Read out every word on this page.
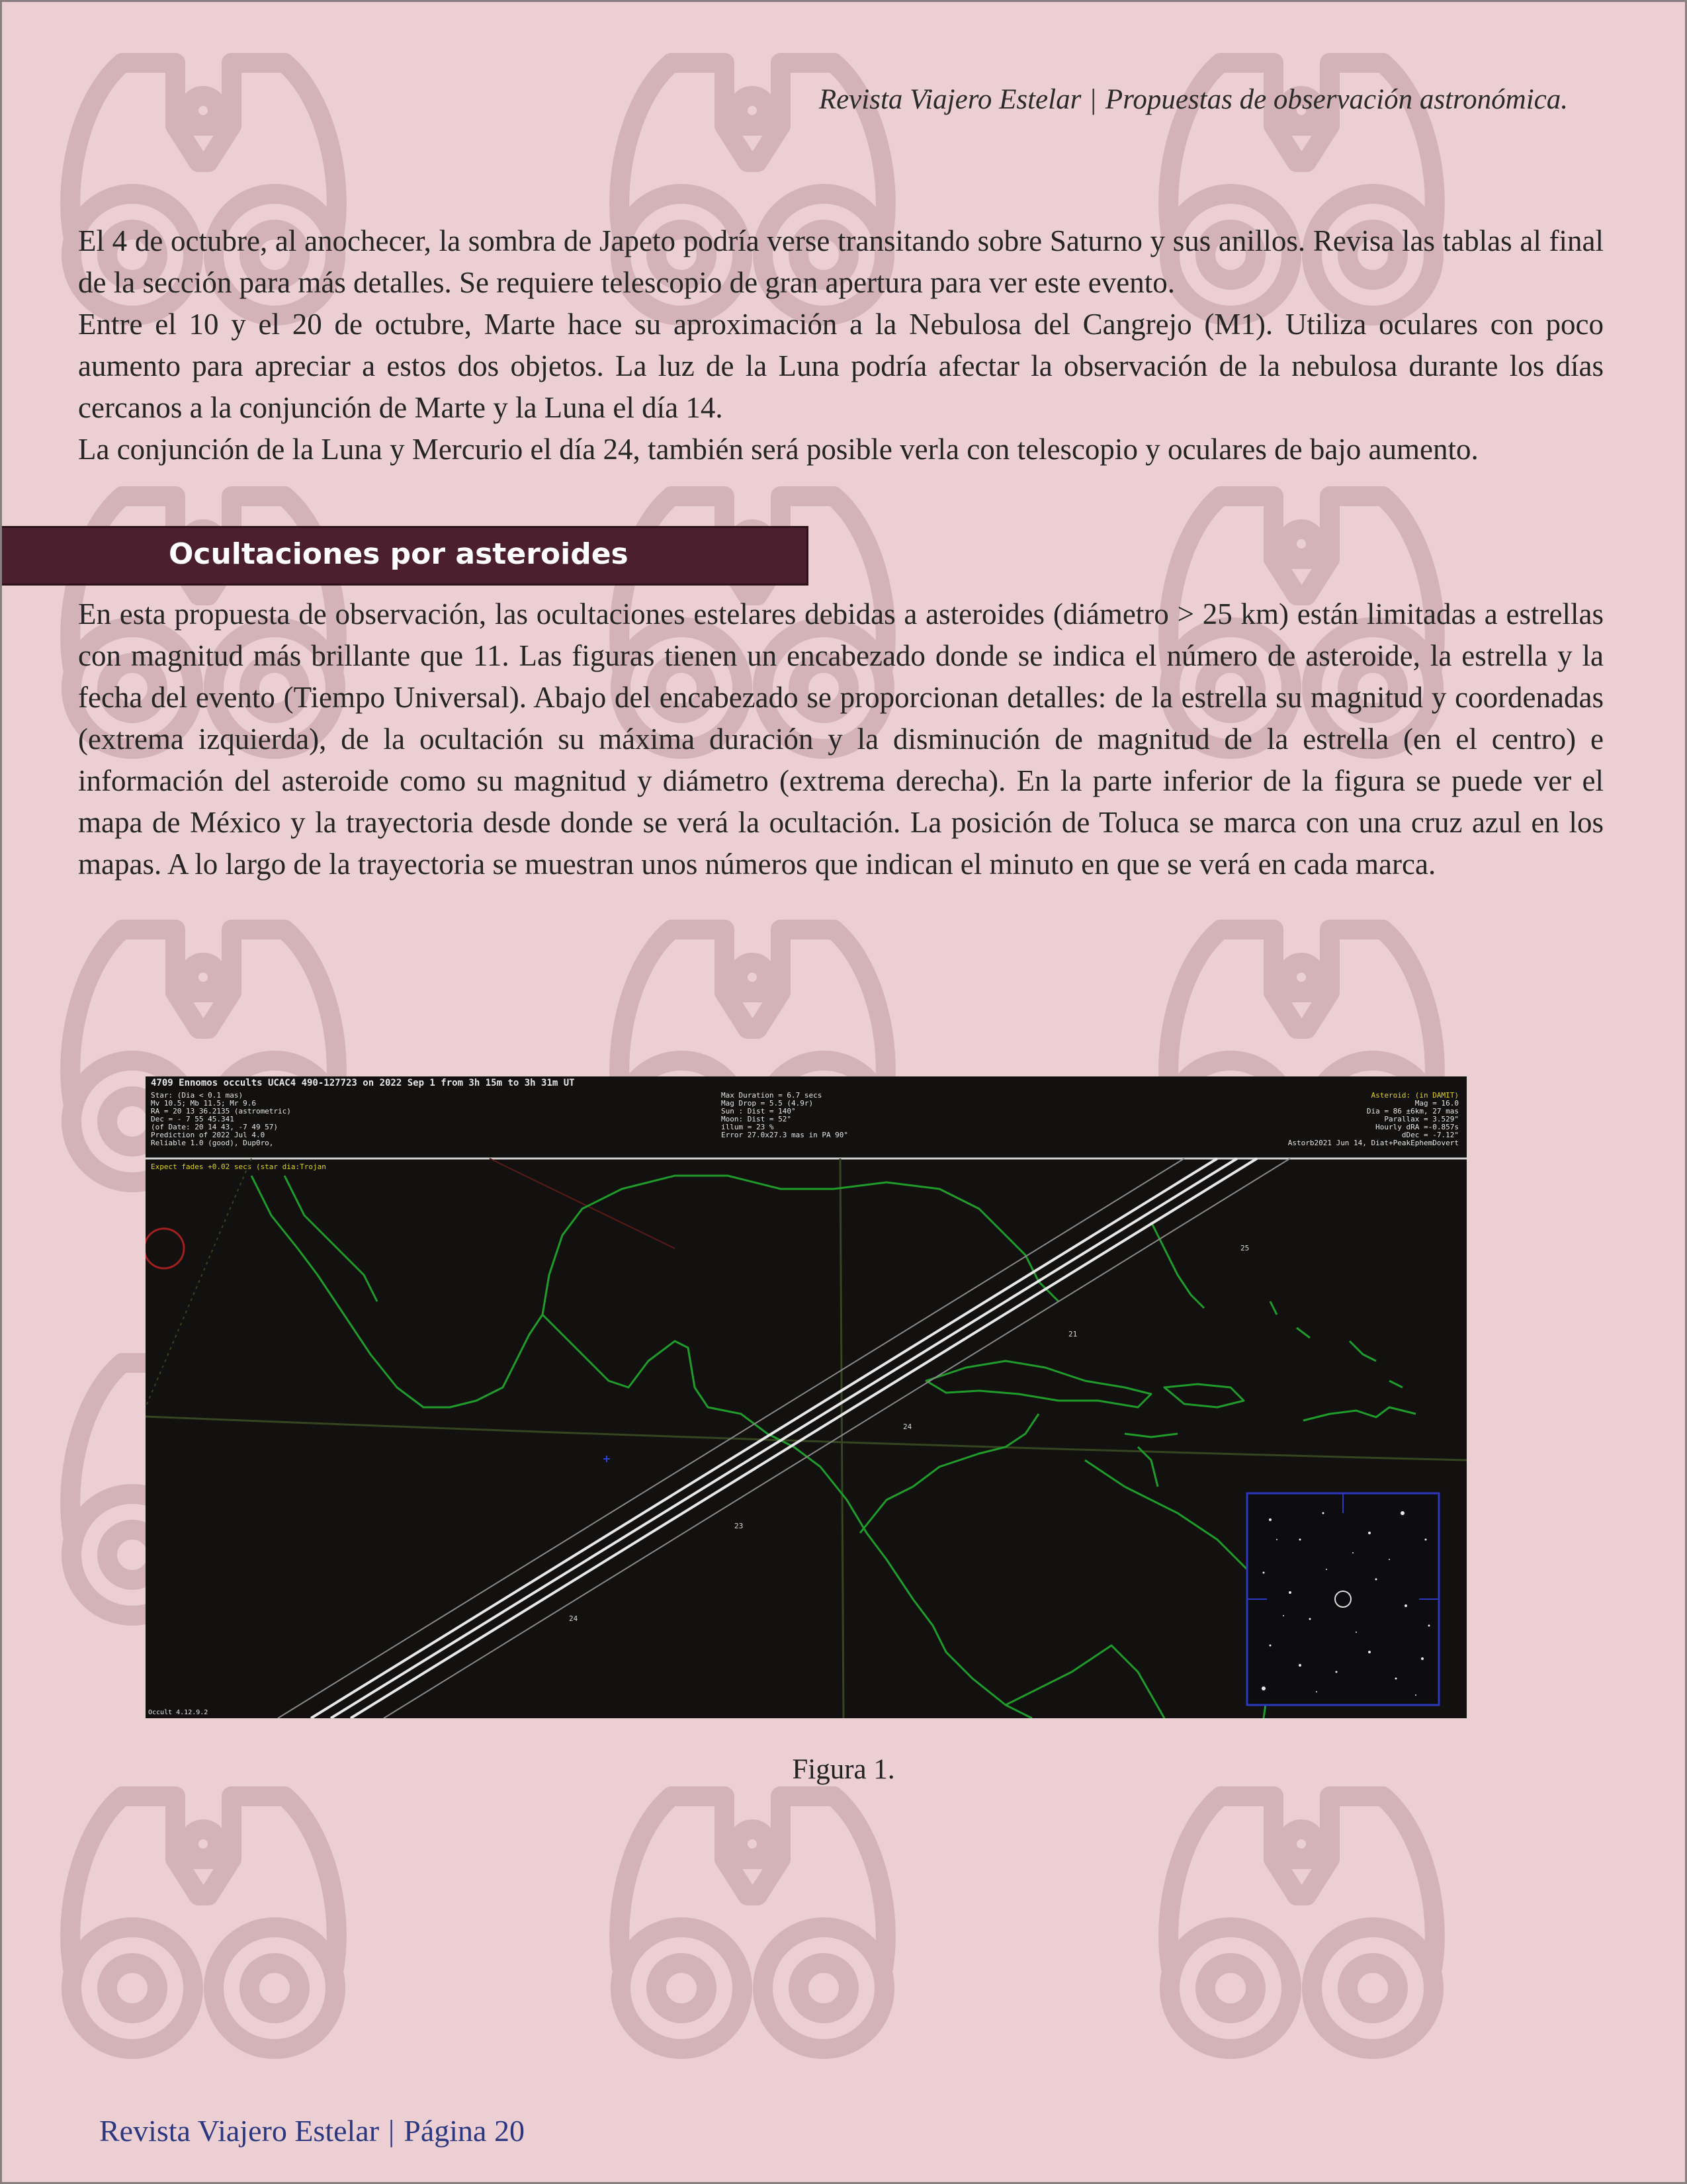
Revista Viajero Estelar | Propuestas de observación astronómica.

El 4 de octubre, al anochecer, la sombra de Japeto podría verse transitando sobre Saturno y sus anillos. Revisa las tablas al final de la sección para más detalles. Se requiere telescopio de gran apertura para ver este evento.

Entre el 10 y el 20 de octubre, Marte hace su aproximación a la Nebulosa del Cangrejo (M1). Utiliza oculares con poco aumento para apreciar a estos dos objetos. La luz de la Luna podría afectar la observación de la nebulosa durante los días cercanos a la conjunción de Marte y la Luna el día 14.

La conjunción de la Luna y Mercurio el día 24, también será posible verla con telescopio y oculares de bajo aumento.

Ocultaciones por asteroides

En esta propuesta de observación, las ocultaciones estelares debidas a asteroides (diámetro > 25 km) están limitadas a estrellas con magnitud más brillante que 11. Las figuras tienen un encabezado donde se indica el número de asteroide, la estrella y la fecha del evento (Tiempo Universal). Abajo del encabezado se proporcionan detalles: de la estrella su magnitud y coordenadas (extrema izquierda), de la ocultación su máxima duración y la disminución de magnitud de la estrella (en el centro) e información del asteroide como su magnitud y diámetro (extrema derecha). En la parte inferior de la figura se puede ver el mapa de México y la trayectoria desde donde se verá la ocultación. La posición de Toluca se marca con una cruz azul en los mapas. A lo largo de la trayectoria se muestran unos números que indican el minuto en que se verá en cada marca.

4709 Ennomos occults UCAC4 490-127723 on 2022 Sep 1 from 3h 15m to 3h 31m UT
Star: (Dia < 0.1 mas)
Mv 10.5; Mb 11.5; Mr 9.6
RA = 20 13 36.2135 (astrometric)
Dec = - 7 55 45.341
(of Date: 20 14 43, -7 49 57)
Prediction of 2022 Jul 4.0
Reliable 1.0 (good), Dup0ro,
Max Duration = 6.7 secs
Mag Drop = 5.5 (4.9r)
Sun : Dist = 140°
Moon: Dist = 52°
illum = 23 %
Error 27.0x27.3 mas in PA 90°
Asteroid: (in DAMIT)
Mag = 16.0
Dia = 86 ±6km, 27 mas
Parallax = 3.529"
Hourly dRA =-0.857s
dDec = -7.12"
Astorb2021 Jun 14, Diat+PeakEphemDovert
Expect fades +0.02 secs (star dia:Trojan
Occult 4.12.9.2
25
21
24
23
24
Figura 1.
Revista Viajero Estelar | Página 20
